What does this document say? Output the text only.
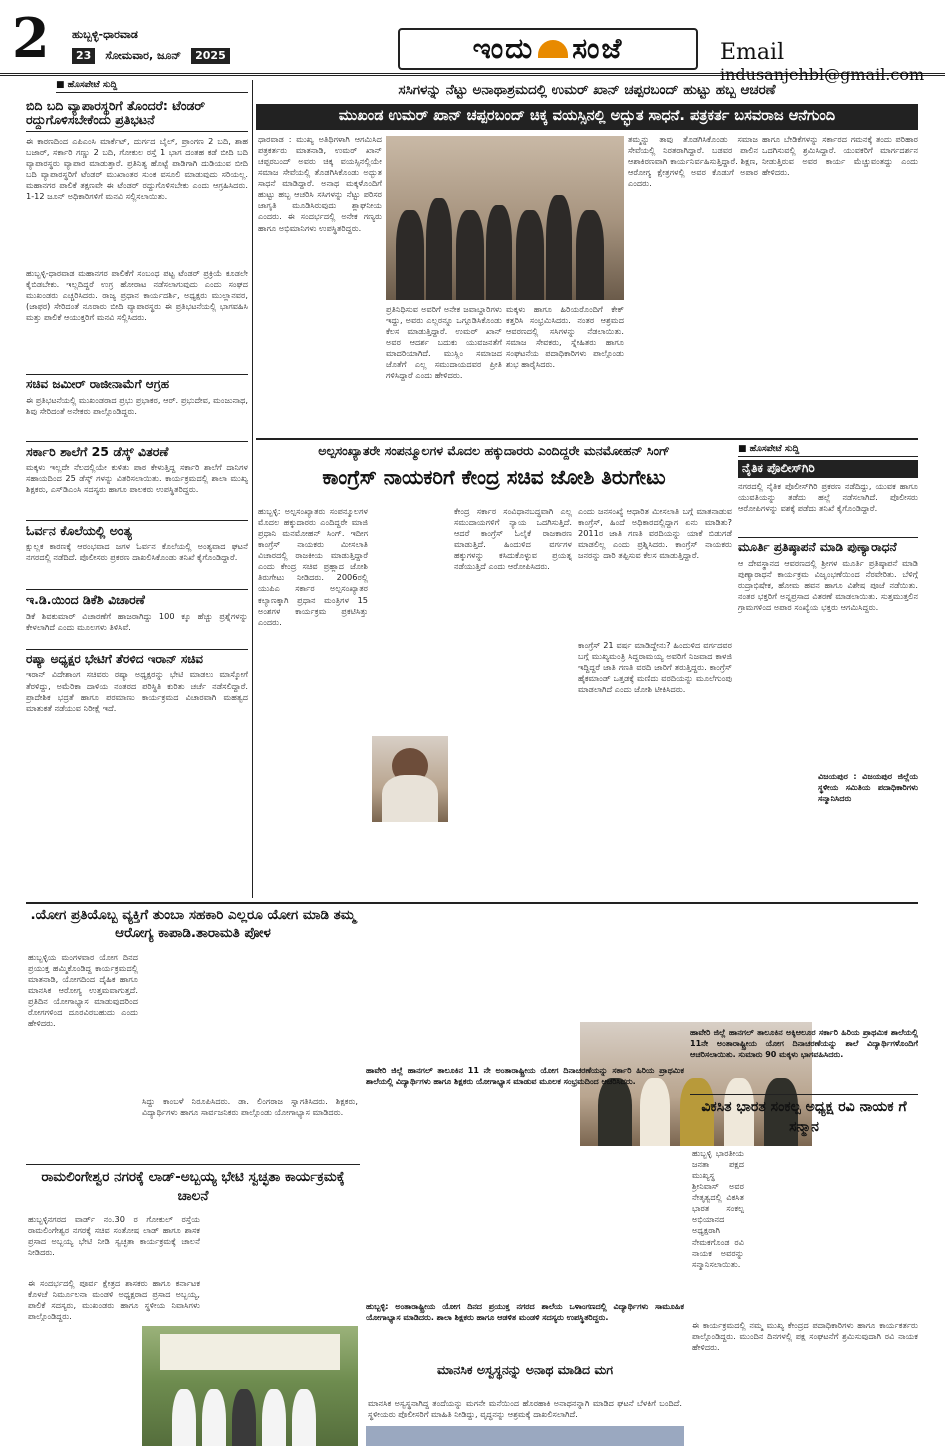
2 ಹುಬ್ಬಳ್ಳಿ-ಧಾರವಾಡ
23	ಸೋಮವಾರ, ಜೂನ್	2025	ಇಂದು ಸಂಜೆ	Email indusanjehbl@gmail.com
■ ಹೊಸಪೇಟೆ ಸುದ್ದಿ
ಬಿದಿ ಬದಿ ವ್ಯಾಪಾರಸ್ಥರಿಗೆ ತೊಂದರೆ: ಟೆಂಡರ್ ರದ್ದುಗೊಳಿಸಬೇಕೆಂದು ಪ್ರತಿಭಟನೆ
ಈ ಕಾರಣದಿಂದ ಎಪಿಎಂಸಿ ಮಾರ್ಕೆಟ್, ದುರ್ಗದ ಬೈಲ್, ಪ್ರಾಂಗಣ 2 ಬದಿ, ಶಾಹ ಬಜಾರ್, ಸರ್ಕಾರಿ ಗಣ್ಣು 2 ಬದಿ, ಗೋಕುಲ ರಸ್ತೆ 1 ಭಾಗ ದಂತಹ ಕಡೆ ಬೀದಿ ಬದಿ ವ್ಯಾಪಾರಸ್ಥರು ವ್ಯಾಪಾರ ಮಾಡುತ್ತಾರೆ. ಪ್ರತಿನಿತ್ಯ ಹೊಟ್ಟೆ ಪಾಡಿಗಾಗಿ ದುಡಿಯುವ ಬೀದಿ ಬದಿ ವ್ಯಾಪಾರಸ್ಥರಿಗೆ ಟೆಂಡರ್ ಮುಖಾಂತರ ಸುಂಕ ವಸೂಲಿ ಮಾಡುವುದು ಸರಿಯಲ್ಲ. ಮಹಾನಗರ ಪಾಲಿಕೆ ತಕ್ಷಣವೇ ಈ ಟೆಂಡರ್ ರದ್ದುಗೊಳಿಸಬೇಕು ಎಂದು ಆಗ್ರಹಿಸಿದರು. 1-12 ಜೂನ್ ಅಧಿಕಾರಿಗಳಿಗೆ ಮನವಿ ಸಲ್ಲಿಸಲಾಯಿತು.
ಹುಬ್ಬಳ್ಳಿ-ಧಾರವಾಡ ಮಹಾನಗರ ಪಾಲಿಕೆಗೆ ಸಂಬಂಧ ಪಟ್ಟ ಟೆಂಡರ್ ಪ್ರಕ್ರಿಯೆ ಕೂಡಲೇ ಕೈಬಿಡಬೇಕು. ಇಲ್ಲದಿದ್ದರೆ ಉಗ್ರ ಹೋರಾಟ ನಡೆಸಲಾಗುವುದು ಎಂದು ಸಂಘದ ಮುಖಂಡರು ಎಚ್ಚರಿಸಿದರು. ರಾಜ್ಯ ಪ್ರಧಾನ ಕಾರ್ಯದರ್ಶಿ, ಅಧ್ಯಕ್ಷರು ಮುಲ್ಲಾನವರ, (ಜಾಫರ) ಸೇರಿದಂತೆ ನೂರಾರು ಬೀದಿ ವ್ಯಾಪಾರಸ್ಥರು ಈ ಪ್ರತಿಭಟನೆಯಲ್ಲಿ ಭಾಗವಹಿಸಿ ಮತ್ತು ಪಾಲಿಕೆ ಆಯುಕ್ತರಿಗೆ ಮನವಿ ಸಲ್ಲಿಸಿದರು.
ಸಚಿವ ಜಮೀರ್ ರಾಜೀನಾಮೆಗೆ ಆಗ್ರಹ
ಈ ಪ್ರತಿಭಟನೆಯಲ್ಲಿ ಮುಖಂಡರಾದ ಪ್ರಭು ಪ್ರಭಾಕರ, ಆರ್. ಪ್ರಭುದೇವ, ಮಂಜುನಾಥ, ಶಿವು ಸೇರಿದಂತೆ ಅನೇಕರು ಪಾಲ್ಗೊಂಡಿದ್ದರು.
ಸರ್ಕಾರಿ ಶಾಲೆಗೆ 25 ಡೆಸ್ಕ್ ವಿತರಣೆ
ಮಕ್ಕಳು ಇಲ್ಲದೇ ನೆಲದಲ್ಲಿಯೇ ಕುಳಿತು ಪಾಠ ಕೇಳುತ್ತಿದ್ದ ಸರ್ಕಾರಿ ಶಾಲೆಗೆ ದಾನಿಗಳ ಸಹಾಯದಿಂದ 25 ಡೆಸ್ಕ್ ಗಳನ್ನು ವಿತರಿಸಲಾಯಿತು. ಕಾರ್ಯಕ್ರಮದಲ್ಲಿ ಶಾಲಾ ಮುಖ್ಯ ಶಿಕ್ಷಕರು, ಎಸ್‌ಡಿಎಂಸಿ ಸದಸ್ಯರು ಹಾಗೂ ಪಾಲಕರು ಉಪಸ್ಥಿತರಿದ್ದರು.
ಓರ್ವನ ಕೊಲೆಯಲ್ಲಿ ಅಂತ್ಯ
ಕ್ಷುಲ್ಲಕ ಕಾರಣಕ್ಕೆ ಆರಂಭವಾದ ಜಗಳ ಓರ್ವನ ಕೊಲೆಯಲ್ಲಿ ಅಂತ್ಯವಾದ ಘಟನೆ ನಗರದಲ್ಲಿ ನಡೆದಿದೆ. ಪೊಲೀಸರು ಪ್ರಕರಣ ದಾಖಲಿಸಿಕೊಂಡು ತನಿಖೆ ಕೈಗೊಂಡಿದ್ದಾರೆ.
ಇ.ಡಿ.ಯಿಂದ ಡಿಕೆಶಿ ವಿಚಾರಣೆ
ಡಿಕೆ ಶಿವಕುಮಾರ್ ವಿಚಾರಣೆಗೆ ಹಾಜರಾಗಿದ್ದು 100 ಕ್ಕೂ ಹೆಚ್ಚು ಪ್ರಶ್ನೆಗಳನ್ನು ಕೇಳಲಾಗಿದೆ ಎಂದು ಮೂಲಗಳು ತಿಳಿಸಿವೆ.
ರಷ್ಯಾ ಅಧ್ಯಕ್ಷರ ಭೇಟಿಗೆ ತೆರಳಿದ ಇರಾನ್ ಸಚಿವ
ಇರಾನ್ ವಿದೇಶಾಂಗ ಸಚಿವರು ರಷ್ಯಾ ಅಧ್ಯಕ್ಷರನ್ನು ಭೇಟಿ ಮಾಡಲು ಮಾಸ್ಕೋಗೆ ತೆರಳಿದ್ದು, ಅಮೆರಿಕಾ ದಾಳಿಯ ನಂತರದ ಪರಿಸ್ಥಿತಿ ಕುರಿತು ಚರ್ಚೆ ನಡೆಸಲಿದ್ದಾರೆ. ಪ್ರಾದೇಶಿಕ ಭದ್ರತೆ ಹಾಗೂ ಪರಮಾಣು ಕಾರ್ಯಕ್ರಮದ ವಿಚಾರವಾಗಿ ಮಹತ್ವದ ಮಾತುಕತೆ ನಡೆಯುವ ನಿರೀಕ್ಷೆ ಇದೆ.
ಸಸಿಗಳನ್ನು ನೆಟ್ಟು ಅನಾಥಾಶ್ರಮದಲ್ಲಿ ಉಮರ್ ಖಾನ್ ಚಪ್ಪರಬಂದ್ ಹುಟ್ಟು ಹಬ್ಬ ಆಚರಣೆ
ಮುಖಂಡ ಉಮರ್ ಖಾನ್ ಚಪ್ಪರಬಂದ್ ಚಿಕ್ಕ ವಯಸ್ಸಿನಲ್ಲಿ ಅದ್ಭುತ ಸಾಧನೆ. ಪತ್ರಕರ್ತ ಬಸವರಾಜ ಆನೆಗುಂದಿ
ಧಾರವಾಡ : ಮುಖ್ಯ ಅತಿಥಿಗಳಾಗಿ ಆಗಮಿಸಿದ ಪತ್ರಕರ್ತರು ಮಾತನಾಡಿ, ಉಮರ್ ಖಾನ್ ಚಪ್ಪರಬಂದ್ ಅವರು ಚಿಕ್ಕ ವಯಸ್ಸಿನಲ್ಲಿಯೇ ಸಮಾಜ ಸೇವೆಯಲ್ಲಿ ತೊಡಗಿಸಿಕೊಂಡು ಅದ್ಭುತ ಸಾಧನೆ ಮಾಡಿದ್ದಾರೆ. ಅನಾಥ ಮಕ್ಕಳೊಂದಿಗೆ ಹುಟ್ಟು ಹಬ್ಬ ಆಚರಿಸಿ ಸಸಿಗಳನ್ನು ನೆಟ್ಟು ಪರಿಸರ ಜಾಗೃತಿ ಮೂಡಿಸಿರುವುದು ಶ್ಲಾಘನೀಯ ಎಂದರು. ಈ ಸಂದರ್ಭದಲ್ಲಿ ಅನೇಕ ಗಣ್ಯರು ಹಾಗೂ ಅಭಿಮಾನಿಗಳು ಉಪಸ್ಥಿತರಿದ್ದರು.
ಪ್ರತಿನಿಧಿಸುವ ಅವರಿಗೆ ಅನೇಕ ಜವಾಬ್ದಾರಿಗಳು ಇದ್ದು, ಅವರು ಎಲ್ಲರನ್ನೂ ಒಗ್ಗೂಡಿಸಿಕೊಂಡು ಕೆಲಸ ಮಾಡುತ್ತಿದ್ದಾರೆ. ಉಮರ್ ಖಾನ್ ಅವರ ಆದರ್ಶ ಬದುಕು ಯುವಜನತೆಗೆ ಮಾದರಿಯಾಗಿದೆ. ಮುಸ್ಲಿಂ ಸಮಾಜದ ಜೊತೆಗೆ ಎಲ್ಲ ಸಮುದಾಯದವರ ಪ್ರೀತಿ ಗಳಿಸಿದ್ದಾರೆ ಎಂದು ಹೇಳಿದರು.
ಮಕ್ಕಳು ಹಾಗೂ ಹಿರಿಯರೊಂದಿಗೆ ಕೇಕ್ ಕತ್ತರಿಸಿ ಸಂಭ್ರಮಿಸಿದರು. ನಂತರ ಆಶ್ರಮದ ಆವರಣದಲ್ಲಿ ಸಸಿಗಳನ್ನು ನೆಡಲಾಯಿತು. ಸಮಾಜ ಸೇವಕರು, ಸ್ನೇಹಿತರು ಹಾಗೂ ಸಂಘಟನೆಯ ಪದಾಧಿಕಾರಿಗಳು ಪಾಲ್ಗೊಂಡು ಶುಭ ಹಾರೈಸಿದರು.
ತಮ್ಮನ್ನು ತಾವು ತೊಡಗಿಸಿಕೊಂಡು ಸಮಾಜ ಸೇವೆಯಲ್ಲಿ ನಿರತರಾಗಿದ್ದಾರೆ. ಬಡವರ ಪಾಲಿನ ಆಶಾಕಿರಣವಾಗಿ ಕಾರ್ಯನಿರ್ವಹಿಸುತ್ತಿದ್ದಾರೆ. ಶಿಕ್ಷಣ, ಆರೋಗ್ಯ ಕ್ಷೇತ್ರಗಳಲ್ಲಿ ಅವರ ಕೊಡುಗೆ ಅಪಾರ ಎಂದರು.
ಹಾಗೂ ಬೇಡಿಕೆಗಳನ್ನು ಸರ್ಕಾರದ ಗಮನಕ್ಕೆ ತಂದು ಪರಿಹಾರ ಒದಗಿಸುವಲ್ಲಿ ಶ್ರಮಿಸಿದ್ದಾರೆ. ಯುವಕರಿಗೆ ಮಾರ್ಗದರ್ಶನ ನೀಡುತ್ತಿರುವ ಅವರ ಕಾರ್ಯ ಮೆಚ್ಚುವಂತದ್ದು ಎಂದು ಹೇಳಿದರು.
ಅಲ್ಪಸಂಖ್ಯಾತರೇ ಸಂಪನ್ಮೂಲಗಳ ಮೊದಲ ಹಕ್ಕುದಾರರು ಎಂದಿದ್ದರೇ ಮನಮೋಹನ್ ಸಿಂಗ್
ಕಾಂಗ್ರೆಸ್ ನಾಯಕರಿಗೆ ಕೇಂದ್ರ ಸಚಿವ ಜೋಶಿ ತಿರುಗೇಟು
ಹುಬ್ಬಳ್ಳಿ: ಅಲ್ಪಸಂಖ್ಯಾತರು ಸಂಪನ್ಮೂಲಗಳ ಮೊದಲ ಹಕ್ಕುದಾರರು ಎಂದಿದ್ದರೇ ಮಾಜಿ ಪ್ರಧಾನಿ ಮನಮೋಹನ್ ಸಿಂಗ್. ಇದೀಗ ಕಾಂಗ್ರೆಸ್ ನಾಯಕರು ಮೀಸಲಾತಿ ವಿಚಾರದಲ್ಲಿ ರಾಜಕೀಯ ಮಾಡುತ್ತಿದ್ದಾರೆ ಎಂದು ಕೇಂದ್ರ ಸಚಿವ ಪ್ರಹ್ಲಾದ ಜೋಶಿ ತಿರುಗೇಟು ನೀಡಿದರು. 2006ರಲ್ಲಿ ಯುಪಿಎ ಸರ್ಕಾರ ಅಲ್ಪಸಂಖ್ಯಾತರ ಕಲ್ಯಾಣಕ್ಕಾಗಿ ಪ್ರಧಾನ ಮಂತ್ರಿಗಳ 15 ಅಂಶಗಳ ಕಾರ್ಯಕ್ರಮ ಪ್ರಕಟಿಸಿತ್ತು ಎಂದರು.
ಕೇಂದ್ರ ಸರ್ಕಾರ ಸಂವಿಧಾನಬದ್ಧವಾಗಿ ಎಲ್ಲ ಸಮುದಾಯಗಳಿಗೆ ನ್ಯಾಯ ಒದಗಿಸುತ್ತಿದೆ. ಆದರೆ ಕಾಂಗ್ರೆಸ್ ಓಲೈಕೆ ರಾಜಕಾರಣ ಮಾಡುತ್ತಿದೆ. ಹಿಂದುಳಿದ ವರ್ಗಗಳ ಹಕ್ಕುಗಳನ್ನು ಕಸಿದುಕೊಳ್ಳುವ ಪ್ರಯತ್ನ ನಡೆಯುತ್ತಿದೆ ಎಂದು ಆರೋಪಿಸಿದರು.
ಎಂದು ಜನಸಂಖ್ಯೆ ಆಧಾರಿತ ಮೀಸಲಾತಿ ಬಗ್ಗೆ ಮಾತನಾಡುವ ಕಾಂಗ್ರೆಸ್, ಹಿಂದೆ ಅಧಿಕಾರದಲ್ಲಿದ್ದಾಗ ಏನು ಮಾಡಿತು? 2011ರ ಜಾತಿ ಗಣತಿ ವರದಿಯನ್ನು ಯಾಕೆ ಬಿಡುಗಡೆ ಮಾಡಲಿಲ್ಲ ಎಂದು ಪ್ರಶ್ನಿಸಿದರು. ಕಾಂಗ್ರೆಸ್ ನಾಯಕರು ಜನರನ್ನು ದಾರಿ ತಪ್ಪಿಸುವ ಕೆಲಸ ಮಾಡುತ್ತಿದ್ದಾರೆ.
ಕಾಂಗ್ರೆಸ್ 21 ವರ್ಷ ಮಾಡಿದ್ದೇನು? ಹಿಂದುಳಿದ ವರ್ಗದವರ ಬಗ್ಗೆ ಮುಖ್ಯಮಂತ್ರಿ ಸಿದ್ದರಾಮಯ್ಯ ಅವರಿಗೆ ನಿಜವಾದ ಕಾಳಜಿ ಇದ್ದಿದ್ದರೆ ಜಾತಿ ಗಣತಿ ವರದಿ ಜಾರಿಗೆ ತರುತ್ತಿದ್ದರು. ಕಾಂಗ್ರೆಸ್ ಹೈಕಮಾಂಡ್ ಒತ್ತಡಕ್ಕೆ ಮಣಿದು ವರದಿಯನ್ನು ಮೂಲೆಗುಂಪು ಮಾಡಲಾಗಿದೆ ಎಂದು ಜೋಶಿ ಟೀಕಿಸಿದರು.
■ ಹೊಸಪೇಟೆ ಸುದ್ದಿ
ನೈತಿಕ ಪೊಲೀಸ್‌ಗಿರಿ
ನಗರದಲ್ಲಿ ನೈತಿಕ ಪೊಲೀಸ್‌ಗಿರಿ ಪ್ರಕರಣ ನಡೆದಿದ್ದು, ಯುವಕ ಹಾಗೂ ಯುವತಿಯನ್ನು ತಡೆದು ಹಲ್ಲೆ ನಡೆಸಲಾಗಿದೆ. ಪೊಲೀಸರು ಆರೋಪಿಗಳನ್ನು ವಶಕ್ಕೆ ಪಡೆದು ತನಿಖೆ ಕೈಗೊಂಡಿದ್ದಾರೆ.
ಮೂರ್ತಿ ಪ್ರತಿಷ್ಠಾಪನೆ ಮಾಡಿ ಪುಣ್ಯಾರಾಧನೆ
ಆ ದೇವಸ್ಥಾನದ ಆವರಣದಲ್ಲಿ ಶ್ರೀಗಳ ಮೂರ್ತಿ ಪ್ರತಿಷ್ಠಾಪನೆ ಮಾಡಿ ಪುಣ್ಯಾರಾಧನೆ ಕಾರ್ಯಕ್ರಮ ವಿಜೃಂಭಣೆಯಿಂದ ನೆರವೇರಿತು. ಬೆಳಿಗ್ಗೆ ರುದ್ರಾಭಿಷೇಕ, ಹೋಮ ಹವನ ಹಾಗೂ ವಿಶೇಷ ಪೂಜೆ ನಡೆಯಿತು. ನಂತರ ಭಕ್ತರಿಗೆ ಅನ್ನಪ್ರಸಾದ ವಿತರಣೆ ಮಾಡಲಾಯಿತು. ಸುತ್ತಮುತ್ತಲಿನ ಗ್ರಾಮಗಳಿಂದ ಅಪಾರ ಸಂಖ್ಯೆಯ ಭಕ್ತರು ಆಗಮಿಸಿದ್ದರು.
ವಿಜಯಪುರ : ವಿಜಯಪುರ ಜಿಲ್ಲೆಯ ಸ್ಥಳೀಯ ಸಮಿತಿಯ ಪದಾಧಿಕಾರಿಗಳು ಸನ್ಮಾನಿಸಿದರು
.ಯೋಗ ಪ್ರತಿಯೊಬ್ಬ ವ್ಯಕ್ತಿಗೆ ತುಂಬಾ ಸಹಕಾರಿ ಎಲ್ಲರೂ ಯೋಗ ಮಾಡಿ ತಮ್ಮ ಆರೋಗ್ಯ ಕಾಪಾಡಿ.ತಾರಾಮತಿ ಪೋಳ
ಹುಬ್ಬಳ್ಳಿಯ ಮಂಗಳವಾರ ಯೋಗ ದಿನದ ಪ್ರಯುಕ್ತ ಹಮ್ಮಿಕೊಂಡಿದ್ದ ಕಾರ್ಯಕ್ರಮದಲ್ಲಿ ಮಾತನಾಡಿ, ಯೋಗದಿಂದ ದೈಹಿಕ ಹಾಗೂ ಮಾನಸಿಕ ಆರೋಗ್ಯ ಉತ್ತಮವಾಗುತ್ತದೆ. ಪ್ರತಿದಿನ ಯೋಗಾಭ್ಯಾಸ ಮಾಡುವುದರಿಂದ ರೋಗಗಳಿಂದ ದೂರವಿರಬಹುದು ಎಂದು ಹೇಳಿದರು.
ಸಿದ್ದು ಕಾಂಬಳೆ ನಿರೂಪಿಸಿದರು. ಡಾ. ಲಿಂಗರಾಜ ಸ್ವಾಗತಿಸಿದರು. ಶಿಕ್ಷಕರು, ವಿದ್ಯಾರ್ಥಿಗಳು ಹಾಗೂ ಸಾರ್ವಜನಿಕರು ಪಾಲ್ಗೊಂಡು ಯೋಗಾಭ್ಯಾಸ ಮಾಡಿದರು.
ಹಾವೇರಿ ಜಿಲ್ಲೆ ಹಾನಗಲ್ ತಾಲೂಕಿನ 11 ನೇ ಅಂತಾರಾಷ್ಟ್ರೀಯ ಯೋಗ ದಿನಾಚರಣೆಯನ್ನು ಸರ್ಕಾರಿ ಹಿರಿಯ ಪ್ರಾಥಮಿಕ ಶಾಲೆಯಲ್ಲಿ ವಿದ್ಯಾರ್ಥಿಗಳು ಹಾಗೂ ಶಿಕ್ಷಕರು ಯೋಗಾಭ್ಯಾಸ ಮಾಡುವ ಮೂಲಕ ಸಂಭ್ರಮದಿಂದ ಆಚರಿಸಿದರು.
ಹುಬ್ಬಳ್ಳಿ: ಅಂತಾರಾಷ್ಟ್ರೀಯ ಯೋಗ ದಿನದ ಪ್ರಯುಕ್ತ ನಗರದ ಶಾಲೆಯ ಒಳಾಂಗಣದಲ್ಲಿ ವಿದ್ಯಾರ್ಥಿಗಳು ಸಾಮೂಹಿಕ ಯೋಗಾಭ್ಯಾಸ ಮಾಡಿದರು. ಶಾಲಾ ಶಿಕ್ಷಕರು ಹಾಗೂ ಆಡಳಿತ ಮಂಡಳಿ ಸದಸ್ಯರು ಉಪಸ್ಥಿತರಿದ್ದರು.
ಹಾವೇರಿ ಜಿಲ್ಲೆ ಹಾನಗಲ್ ತಾಲೂಕಿನ ಅಕ್ಕಿಆಲೂರ ಸರ್ಕಾರಿ ಹಿರಿಯ ಪ್ರಾಥಮಿಕ ಶಾಲೆಯಲ್ಲಿ 11ನೇ ಅಂತಾರಾಷ್ಟ್ರೀಯ ಯೋಗ ದಿನಾಚರಣೆಯನ್ನು ಶಾಲೆ ವಿದ್ಯಾರ್ಥಿಗಳೊಂದಿಗೆ ಆಚರಿಸಲಾಯಿತು. ಸುಮಾರು 90 ಮಕ್ಕಳು ಭಾಗವಹಿಸಿದರು.
ರಾಮಲಿಂಗೇಶ್ವರ ನಗರಕ್ಕೆ ಲಾಡ್-ಅಬ್ಬಯ್ಯ ಭೇಟಿ ಸ್ವಚ್ಛತಾ ಕಾರ್ಯಕ್ರಮಕ್ಕೆ ಚಾಲನೆ
ಹುಬ್ಬಳ್ಳಿನಗರದ ವಾರ್ಡ್ ನಂ.30 ರ ಗೋಕುಲ್ ರಸ್ತೆಯ ರಾಮಲಿಂಗೇಶ್ವರ ನಗರಕ್ಕೆ ಸಚಿವ ಸಂತೋಷ ಲಾಡ್ ಹಾಗೂ ಶಾಸಕ ಪ್ರಸಾದ ಅಬ್ಬಯ್ಯ ಭೇಟಿ ನೀಡಿ ಸ್ವಚ್ಛತಾ ಕಾರ್ಯಕ್ರಮಕ್ಕೆ ಚಾಲನೆ ನೀಡಿದರು.
ಈ ಸಂದರ್ಭದಲ್ಲಿ ಪೂರ್ವ ಕ್ಷೇತ್ರದ ಶಾಸಕರು ಹಾಗೂ ಕರ್ನಾಟಕ ಕೊಳಚೆ ನಿರ್ಮೂಲನಾ ಮಂಡಳಿ ಅಧ್ಯಕ್ಷರಾದ ಪ್ರಸಾದ ಅಬ್ಬಯ್ಯ, ಪಾಲಿಕೆ ಸದಸ್ಯರು, ಮುಖಂಡರು ಹಾಗೂ ಸ್ಥಳೀಯ ನಿವಾಸಿಗಳು ಪಾಲ್ಗೊಂಡಿದ್ದರು.
ಮಾನಸಿಕ ಅಸ್ವಸ್ಥನನ್ನು ಅನಾಥ ಮಾಡಿದ ಮಗ
ಮಾನಸಿಕ ಅಸ್ವಸ್ಥನಾಗಿದ್ದ ತಂದೆಯನ್ನು ಮಗನೇ ಮನೆಯಿಂದ ಹೊರಹಾಕಿ ಅನಾಥನನ್ನಾಗಿ ಮಾಡಿದ ಘಟನೆ ಬೆಳಕಿಗೆ ಬಂದಿದೆ. ಸ್ಥಳೀಯರು ಪೊಲೀಸರಿಗೆ ಮಾಹಿತಿ ನೀಡಿದ್ದು, ವೃದ್ಧನನ್ನು ಆಶ್ರಮಕ್ಕೆ ದಾಖಲಿಸಲಾಗಿದೆ.
ವಿಕಸಿತ ಭಾರತ ಸಂಕಲ್ಪ ಅಧ್ಯಕ್ಷ ರವಿ ನಾಯಕ ಗೆ ಸನ್ಮಾನ
ಹುಬ್ಬಳ್ಳಿ ಭಾರತೀಯ ಜನತಾ ಪಕ್ಷದ ಮುಖ್ಯಸ್ಥ ಶ್ರೀನಿವಾಸ್ ಅವರ ನೇತೃತ್ವದಲ್ಲಿ ವಿಕಸಿತ ಭಾರತ ಸಂಕಲ್ಪ ಅಭಿಯಾನದ ಅಧ್ಯಕ್ಷರಾಗಿ ನೇಮಕಗೊಂಡ ರವಿ ನಾಯಕ ಅವರನ್ನು ಸನ್ಮಾನಿಸಲಾಯಿತು.
ಈ ಕಾರ್ಯಕ್ರಮದಲ್ಲಿ ನಮ್ಮ ಮುಖ್ಯ ಕೇಂದ್ರದ ಪದಾಧಿಕಾರಿಗಳು ಹಾಗೂ ಕಾರ್ಯಕರ್ತರು ಪಾಲ್ಗೊಂಡಿದ್ದರು. ಮುಂದಿನ ದಿನಗಳಲ್ಲಿ ಪಕ್ಷ ಸಂಘಟನೆಗೆ ಶ್ರಮಿಸುವುದಾಗಿ ರವಿ ನಾಯಕ ಹೇಳಿದರು.
